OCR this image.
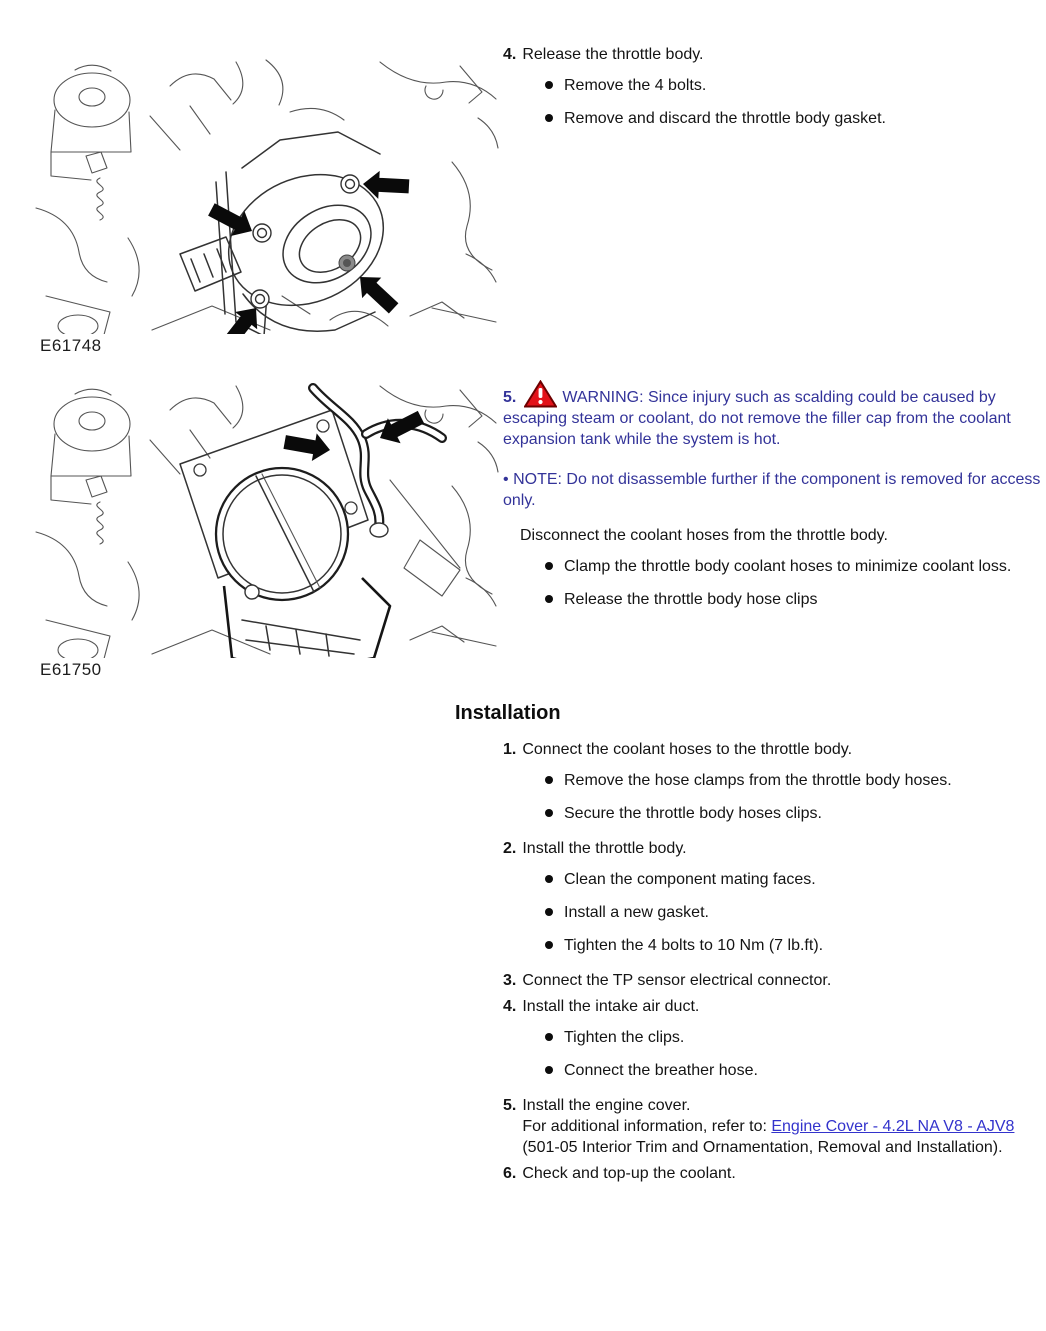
E61748
4. Release the throttle body.
Remove the 4 bolts.
Remove and discard the throttle body gasket.
E61750

5.	WARNING: Since injury such as scalding could be caused by escaping steam or coolant, do not remove the filler cap from the coolant expansion tank while the system is hot.

• NOTE: Do not disassemble further if the component is removed for access only.

Disconnect the coolant hoses from the throttle body.

Clamp the throttle body coolant hoses to minimize coolant loss.
Release the throttle body hose clips
Installation
1. Connect the coolant hoses to the throttle body.
Remove the hose clamps from the throttle body hoses.
Secure the throttle body hoses clips.
2. Install the throttle body.
Clean the component mating faces.
Install a new gasket.
Tighten the 4 bolts to 10 Nm (7 lb.ft).
3. Connect the TP sensor electrical connector.
4. Install the intake air duct.
Tighten the clips.
Connect the breather hose.
5. Install the engine cover.
For additional information, refer to: Engine Cover - 4.2L NA V8 - AJV8 (501-05 Interior Trim and Ornamentation, Removal and Installation).
6. Check and top-up the coolant.
